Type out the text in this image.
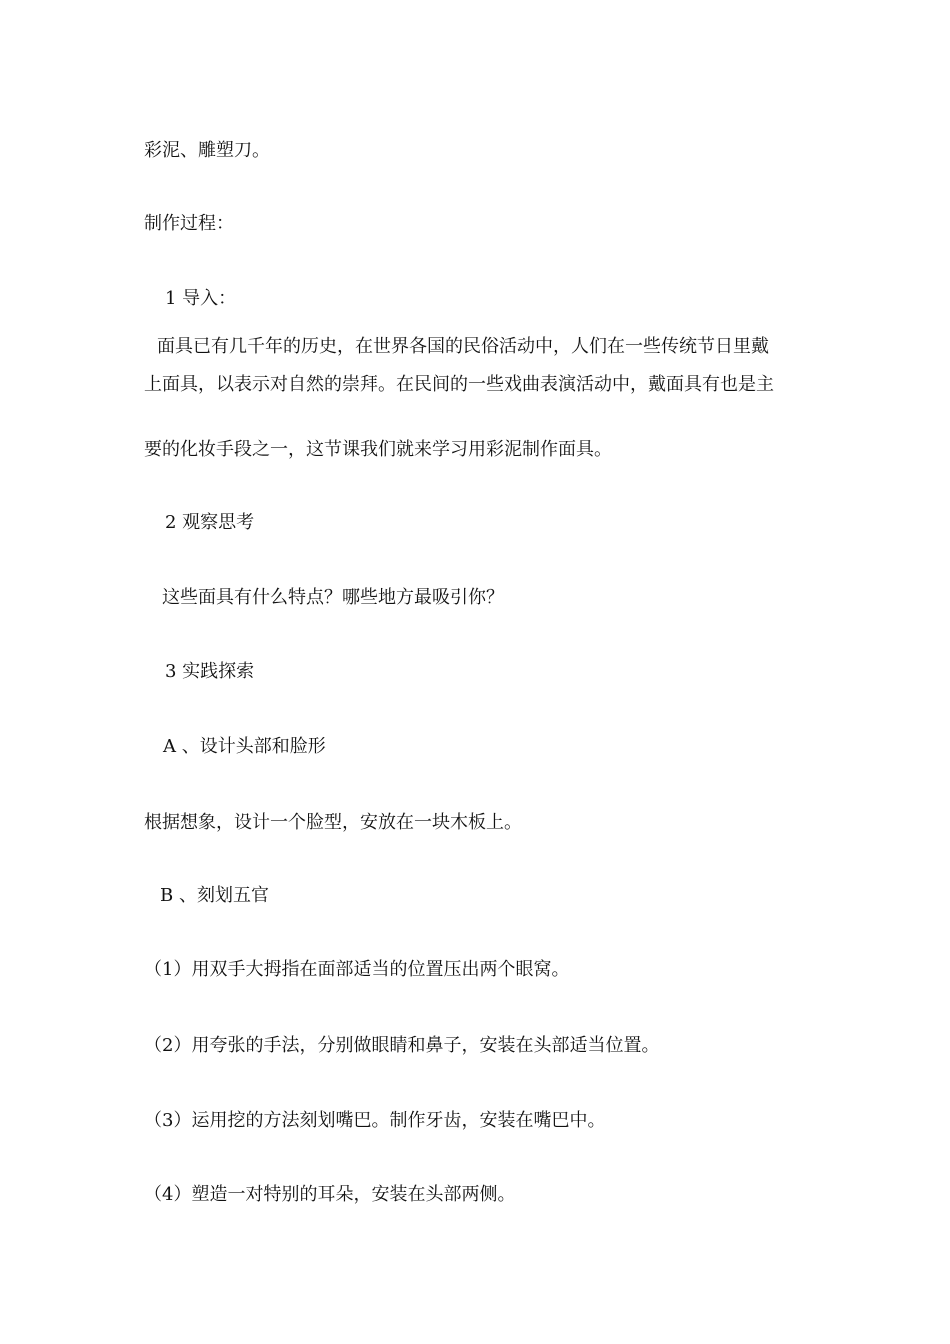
彩泥、雕塑刀。
制作过程：
1 导入：
面具已有几千年的历史，在世界各国的民俗活动中，人们在一些传统节日里戴
上面具，以表示对自然的崇拜。在民间的一些戏曲表演活动中，戴面具有也是主
要的化妆手段之一，这节课我们就来学习用彩泥制作面具。
2 观察思考
这些面具有什么特点？哪些地方最吸引你？
3 实践探索
A 、设计头部和脸形
根据想象，设计一个脸型，安放在一块木板上。
B 、刻划五官
（1）用双手大拇指在面部适当的位置压出两个眼窝。
（2）用夸张的手法，分别做眼睛和鼻子，安装在头部适当位置。
（3）运用挖的方法刻划嘴巴。制作牙齿，安装在嘴巴中。
（4）塑造一对特别的耳朵，安装在头部两侧。
